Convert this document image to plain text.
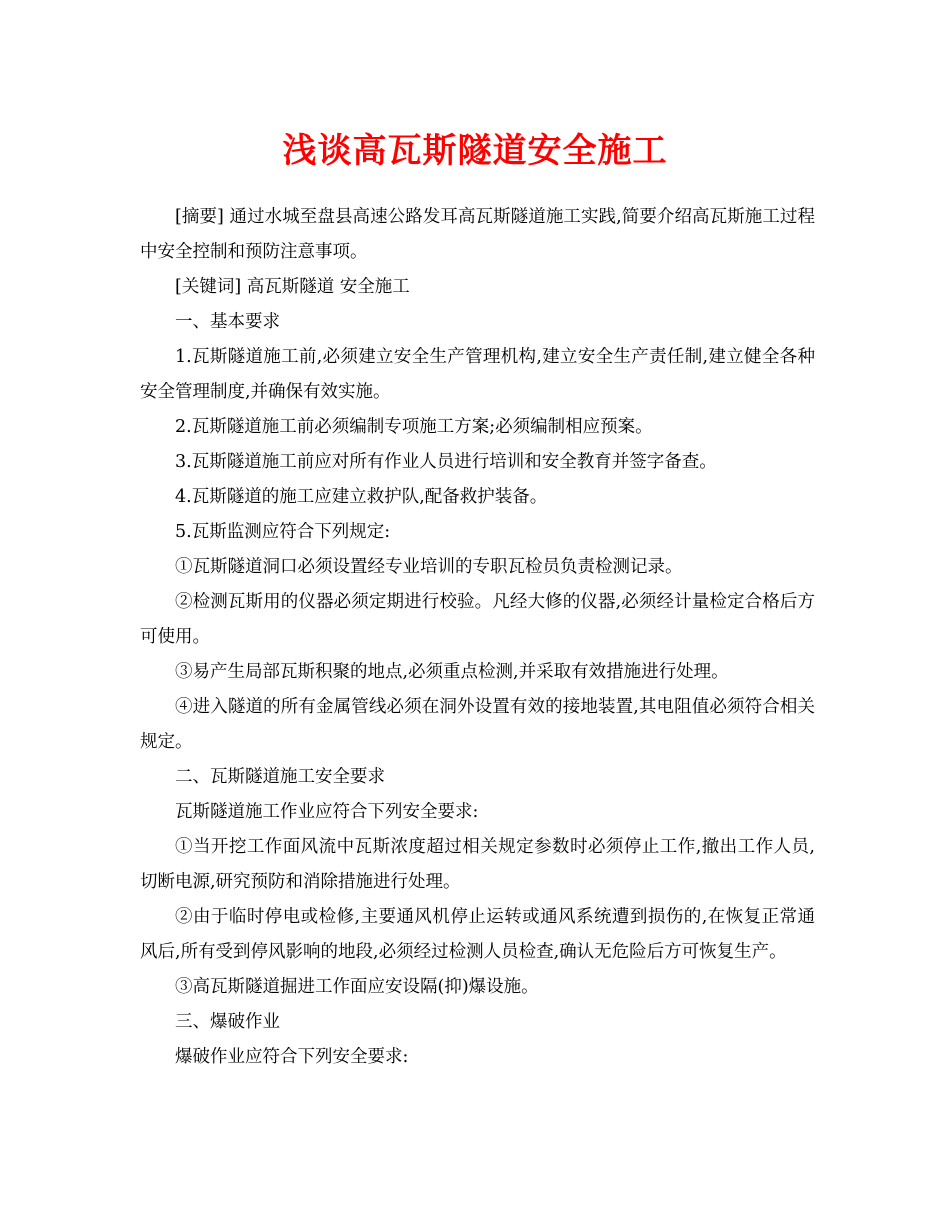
浅谈高瓦斯隧道安全施工

[摘要] 通过水城至盘县高速公路发耳高瓦斯隧道施工实践,简要介绍高瓦斯施工过程中安全控制和预防注意事项。

[关键词] 高瓦斯隧道 安全施工

一、基本要求

1.瓦斯隧道施工前,必须建立安全生产管理机构,建立安全生产责任制,建立健全各种安全管理制度,并确保有效实施。

2.瓦斯隧道施工前必须编制专项施工方案;必须编制相应预案。

3.瓦斯隧道施工前应对所有作业人员进行培训和安全教育并签字备查。

4.瓦斯隧道的施工应建立救护队,配备救护装备。

5.瓦斯监测应符合下列规定:

①瓦斯隧道洞口必须设置经专业培训的专职瓦检员负责检测记录。

②检测瓦斯用的仪器必须定期进行校验。凡经大修的仪器,必须经计量检定合格后方可使用。

③易产生局部瓦斯积聚的地点,必须重点检测,并采取有效措施进行处理。

④进入隧道的所有金属管线必须在洞外设置有效的接地装置,其电阻值必须符合相关规定。

二、瓦斯隧道施工安全要求

瓦斯隧道施工作业应符合下列安全要求:

①当开挖工作面风流中瓦斯浓度超过相关规定参数时必须停止工作,撤出工作人员,切断电源,研究预防和消除措施进行处理。

②由于临时停电或检修,主要通风机停止运转或通风系统遭到损伤的,在恢复正常通风后,所有受到停风影响的地段,必须经过检测人员检查,确认无危险后方可恢复生产。

③高瓦斯隧道掘进工作面应安设隔(抑)爆设施。

三、爆破作业

爆破作业应符合下列安全要求:
